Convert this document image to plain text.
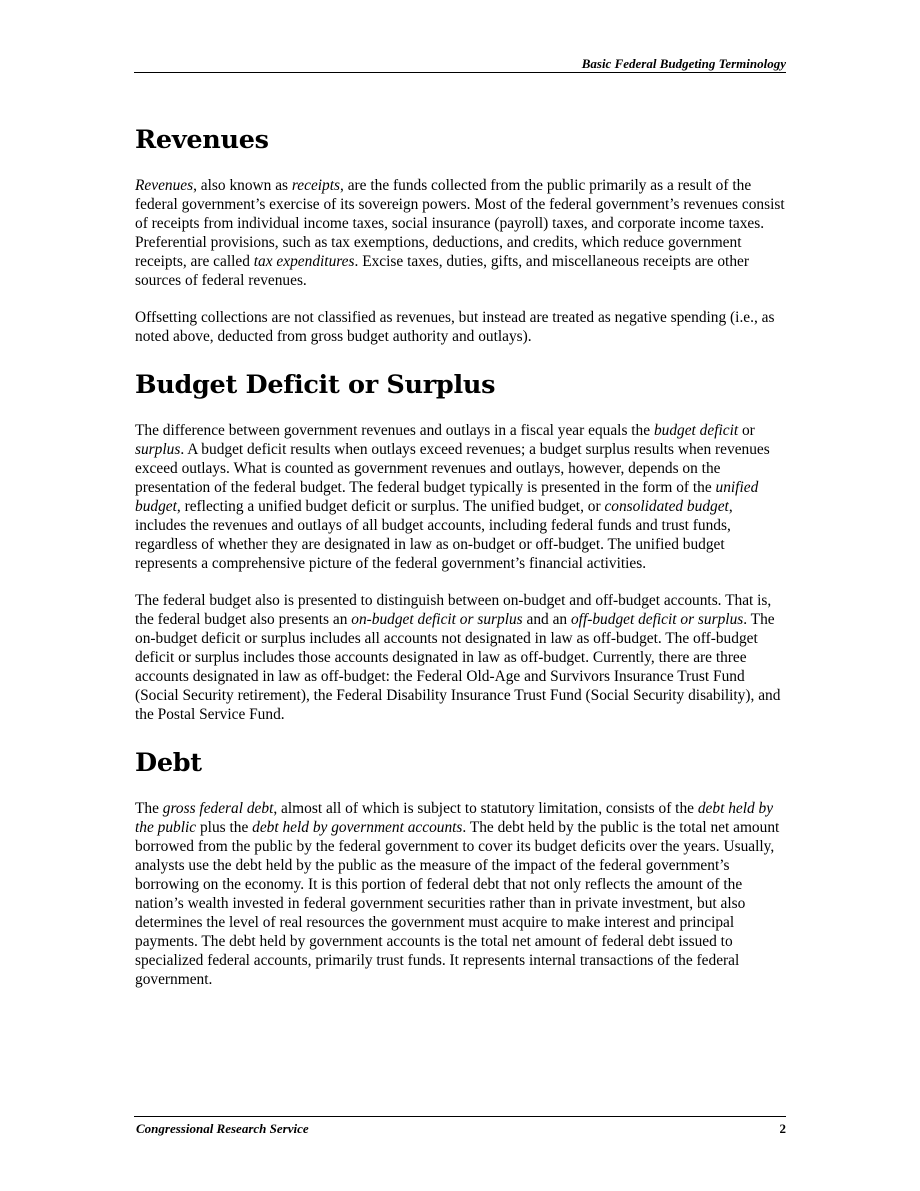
Basic Federal Budgeting Terminology
Revenues

Revenues, also known as receipts, are the funds collected from the public primarily as a result of the federal government’s exercise of its sovereign powers. Most of the federal government’s revenues consist of receipts from individual income taxes, social insurance (payroll) taxes, and corporate income taxes. Preferential provisions, such as tax exemptions, deductions, and credits, which reduce government receipts, are called tax expenditures. Excise taxes, duties, gifts, and miscellaneous receipts are other sources of federal revenues.

Offsetting collections are not classified as revenues, but instead are treated as negative spending (i.e., as noted above, deducted from gross budget authority and outlays).

Budget Deficit or Surplus

The difference between government revenues and outlays in a fiscal year equals the budget deficit or surplus. A budget deficit results when outlays exceed revenues; a budget surplus results when revenues exceed outlays. What is counted as government revenues and outlays, however, depends on the presentation of the federal budget. The federal budget typically is presented in the form of the unified budget, reflecting a unified budget deficit or surplus. The unified budget, or consolidated budget, includes the revenues and outlays of all budget accounts, including federal funds and trust funds, regardless of whether they are designated in law as on-budget or off-budget. The unified budget represents a comprehensive picture of the federal government’s financial activities.

The federal budget also is presented to distinguish between on-budget and off-budget accounts. That is, the federal budget also presents an on-budget deficit or surplus and an off-budget deficit or surplus. The on-budget deficit or surplus includes all accounts not designated in law as off-budget. The off-budget deficit or surplus includes those accounts designated in law as off-budget. Currently, there are three accounts designated in law as off-budget: the Federal Old-Age and Survivors Insurance Trust Fund (Social Security retirement), the Federal Disability Insurance Trust Fund (Social Security disability), and the Postal Service Fund.

Debt

The gross federal debt, almost all of which is subject to statutory limitation, consists of the debt held by the public plus the debt held by government accounts. The debt held by the public is the total net amount borrowed from the public by the federal government to cover its budget deficits over the years. Usually, analysts use the debt held by the public as the measure of the impact of the federal government’s borrowing on the economy. It is this portion of federal debt that not only reflects the amount of the nation’s wealth invested in federal government securities rather than in private investment, but also determines the level of real resources the government must acquire to make interest and principal payments. The debt held by government accounts is the total net amount of federal debt issued to specialized federal accounts, primarily trust funds. It represents internal transactions of the federal government.

Congressional Research Service	2
